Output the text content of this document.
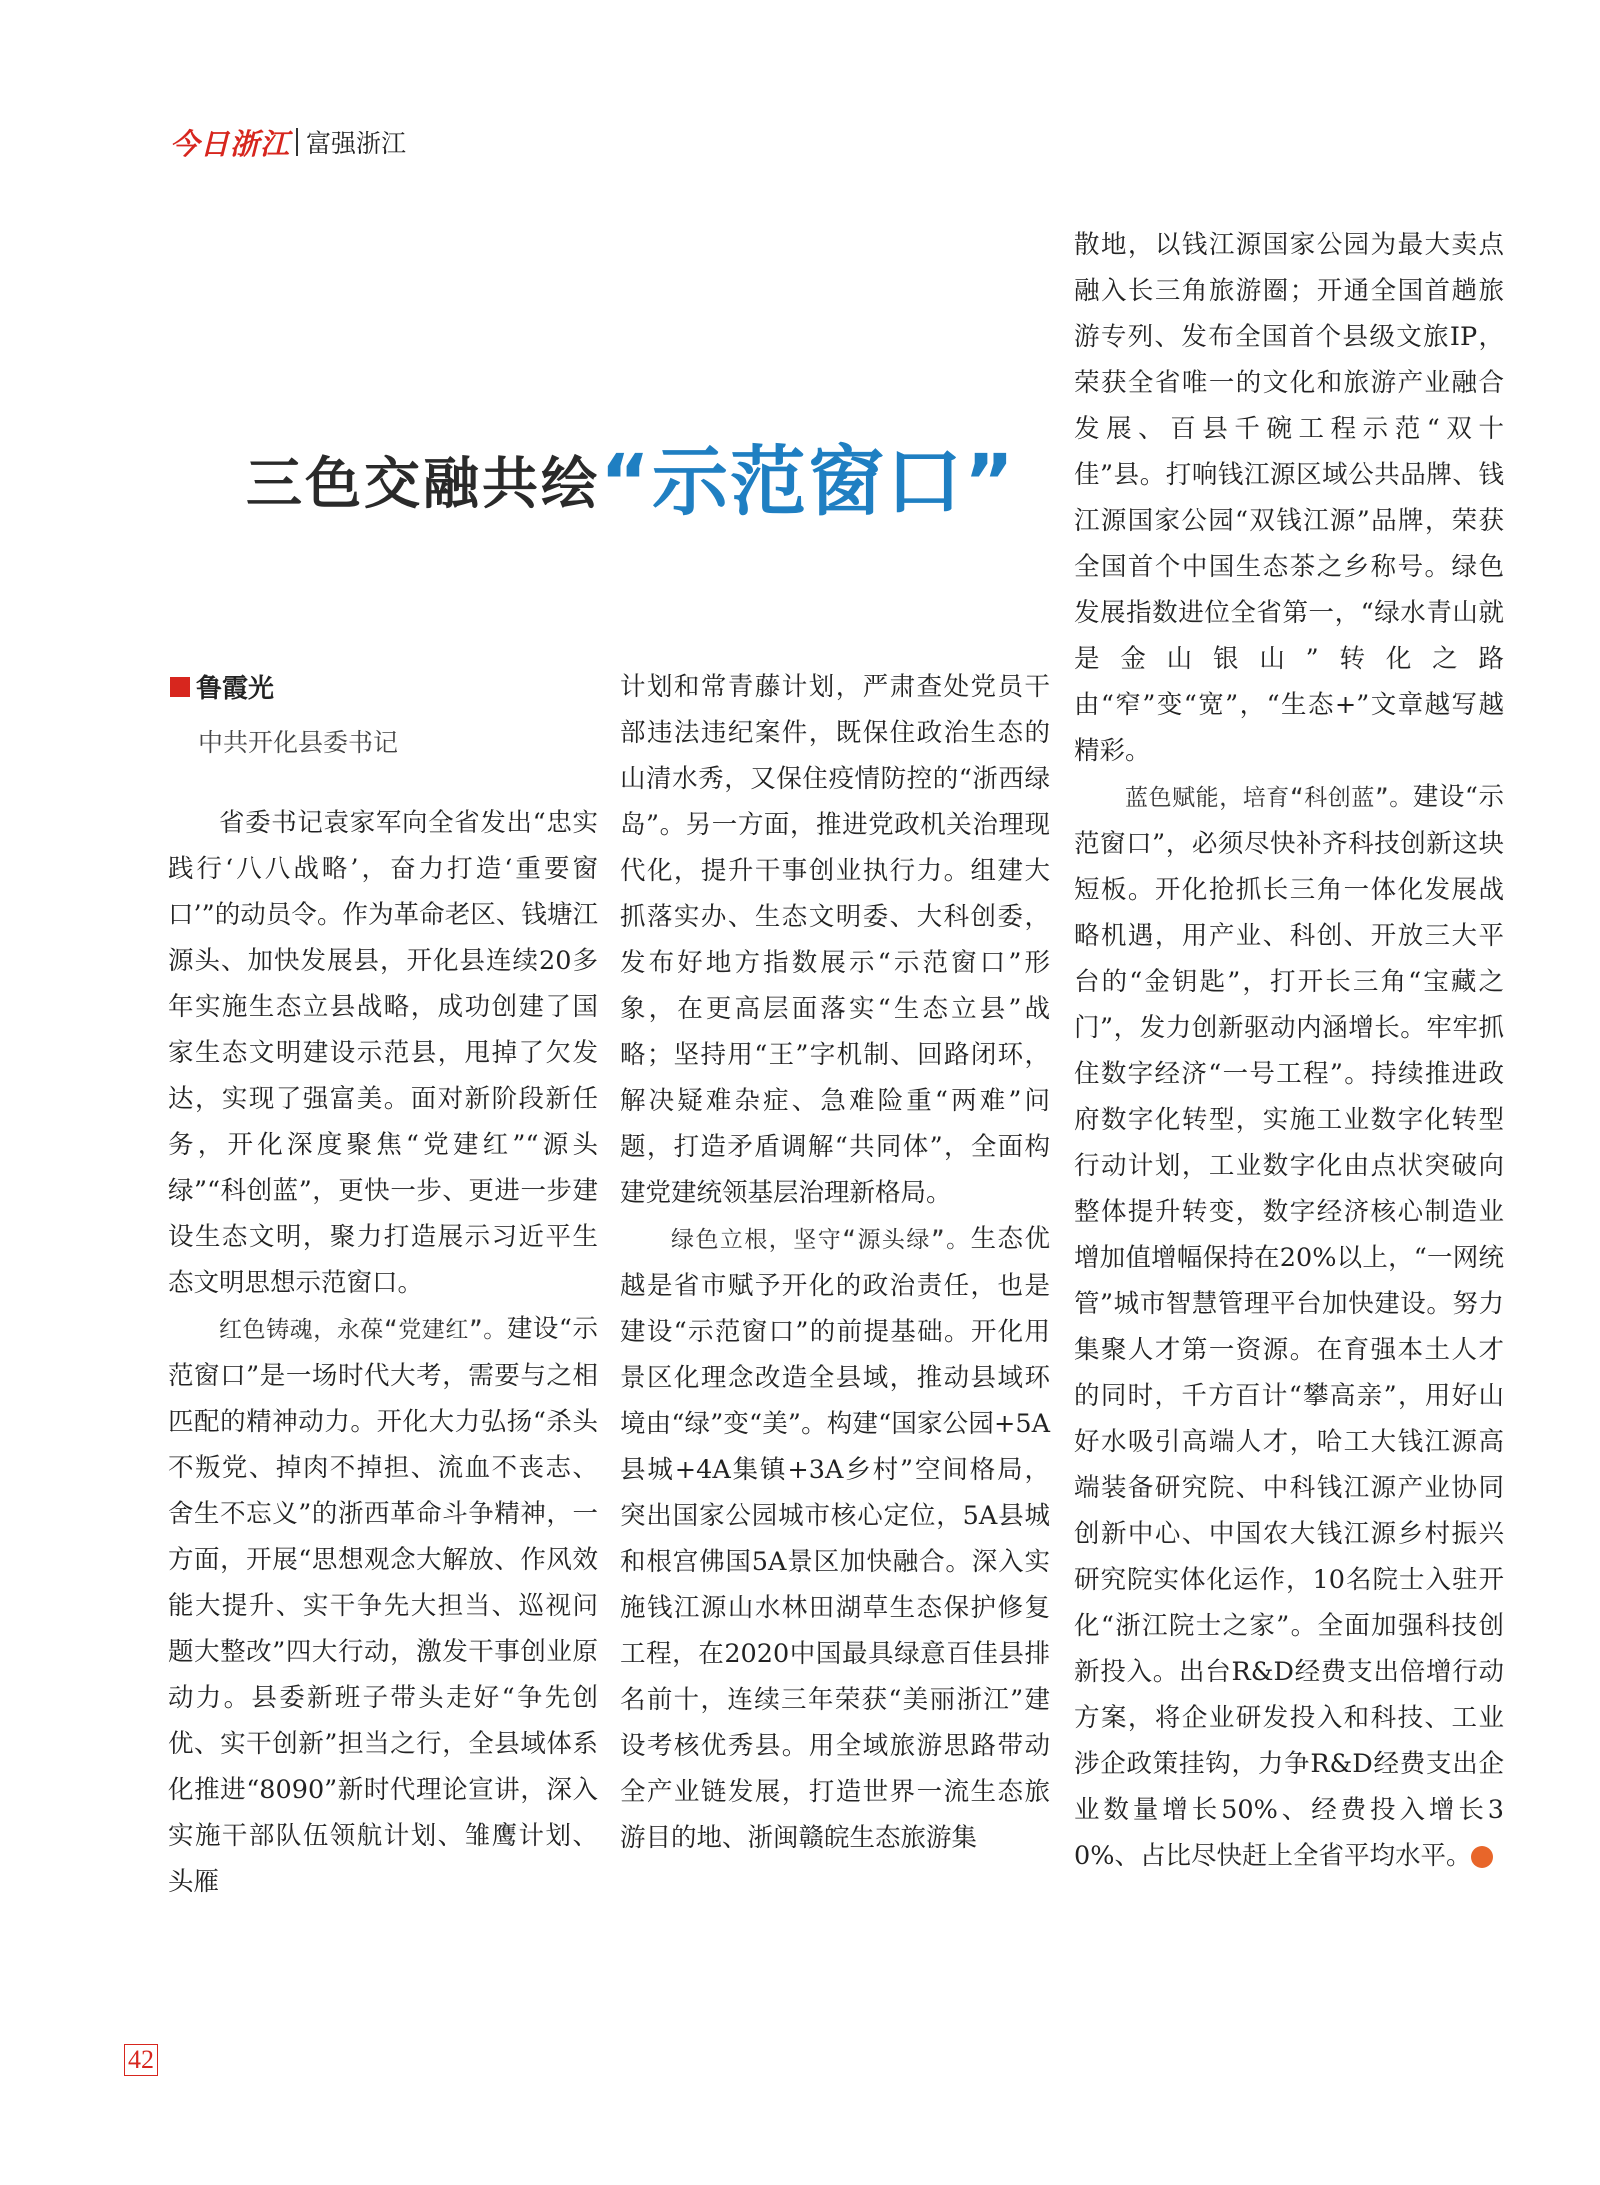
今日浙江 富强浙江
三色交融共绘 “示范窗口”
鲁霞光
中共开化县委书记

省委书记袁家军向全省发出“忠实践行‘八八战略’，奋力打造‘重要窗口’”的动员令。作为革命老区、钱塘江源头、加快发展县，开化县连续20多年实施生态立县战略，成功创建了国家生态文明建设示范县，甩掉了欠发达，实现了强富美。面对新阶段新任务，开化深度聚焦“党建红”“源头绿”“科创蓝”，更快一步、更进一步建设生态文明，聚力打造展示习近平生态文明思想示范窗口。

红色铸魂，永葆“党建红”。建设“示范窗口”是一场时代大考，需要与之相匹配的精神动力。开化大力弘扬“杀头不叛党、掉肉不掉担、流血不丧志、舍生不忘义”的浙西革命斗争精神，一方面，开展“思想观念大解放、作风效能大提升、实干争先大担当、巡视问题大整改”四大行动，激发干事创业原动力。县委新班子带头走好“争先创优、实干创新”担当之行，全县域体系化推进“8090”新时代理论宣讲，深入实施干部队伍领航计划、雏鹰计划、头雁

计划和常青藤计划，严肃查处党员干部违法违纪案件，既保住政治生态的山清水秀，又保住疫情防控的“浙西绿岛”。另一方面，推进党政机关治理现代化，提升干事创业执行力。组建大抓落实办、生态文明委、大科创委，发布好地方指数展示“示范窗口”形象，在更高层面落实“生态立县”战略；坚持用“王”字机制、回路闭环，解决疑难杂症、急难险重“两难”问题，打造矛盾调解“共同体”，全面构建党建统领基层治理新格局。

绿色立根，坚守“源头绿”。生态优越是省市赋予开化的政治责任，也是建设“示范窗口”的前提基础。开化用景区化理念改造全县域，推动县域环境由“绿”变“美”。构建“国家公园+5A县城+4A集镇+3A乡村”空间格局，突出国家公园城市核心定位，5A县城和根宫佛国5A景区加快融合。深入实施钱江源山水林田湖草生态保护修复工程，在2020中国最具绿意百佳县排名前十，连续三年荣获“美丽浙江”建设考核优秀县。用全域旅游思路带动全产业链发展，打造世界一流生态旅游目的地、浙闽赣皖生态旅游集

散地，以钱江源国家公园为最大卖点融入长三角旅游圈；开通全国首趟旅游专列、发布全国首个县级文旅IP，荣获全省唯一的文化和旅游产业融合发展、百县千碗工程示范“双十佳”县。打响钱江源区域公共品牌、钱江源国家公园“双钱江源”品牌，荣获全国首个中国生态茶之乡称号。绿色发展指数进位全省第一，“绿水青山就是金山银山”转化之路由“窄”变“宽”，“生态+”文章越写越精彩。

蓝色赋能，培育“科创蓝”。建设“示范窗口”，必须尽快补齐科技创新这块短板。开化抢抓长三角一体化发展战略机遇，用产业、科创、开放三大平台的“金钥匙”，打开长三角“宝藏之门”，发力创新驱动内涵增长。牢牢抓住数字经济“一号工程”。持续推进政府数字化转型，实施工业数字化转型行动计划，工业数字化由点状突破向整体提升转变，数字经济核心制造业增加值增幅保持在20%以上，“一网统管”城市智慧管理平台加快建设。努力集聚人才第一资源。在育强本土人才的同时，千方百计“攀高亲”，用好山好水吸引高端人才，哈工大钱江源高端装备研究院、中科钱江源产业协同创新中心、中国农大钱江源乡村振兴研究院实体化运作，10名院士入驻开化“浙江院士之家”。全面加强科技创新投入。出台R&D经费支出倍增行动方案，将企业研发投入和科技、工业涉企政策挂钩，力争R&D经费支出企业数量增长50%、经费投入增长30%、占比尽快赶上全省平均水平。	今

42
